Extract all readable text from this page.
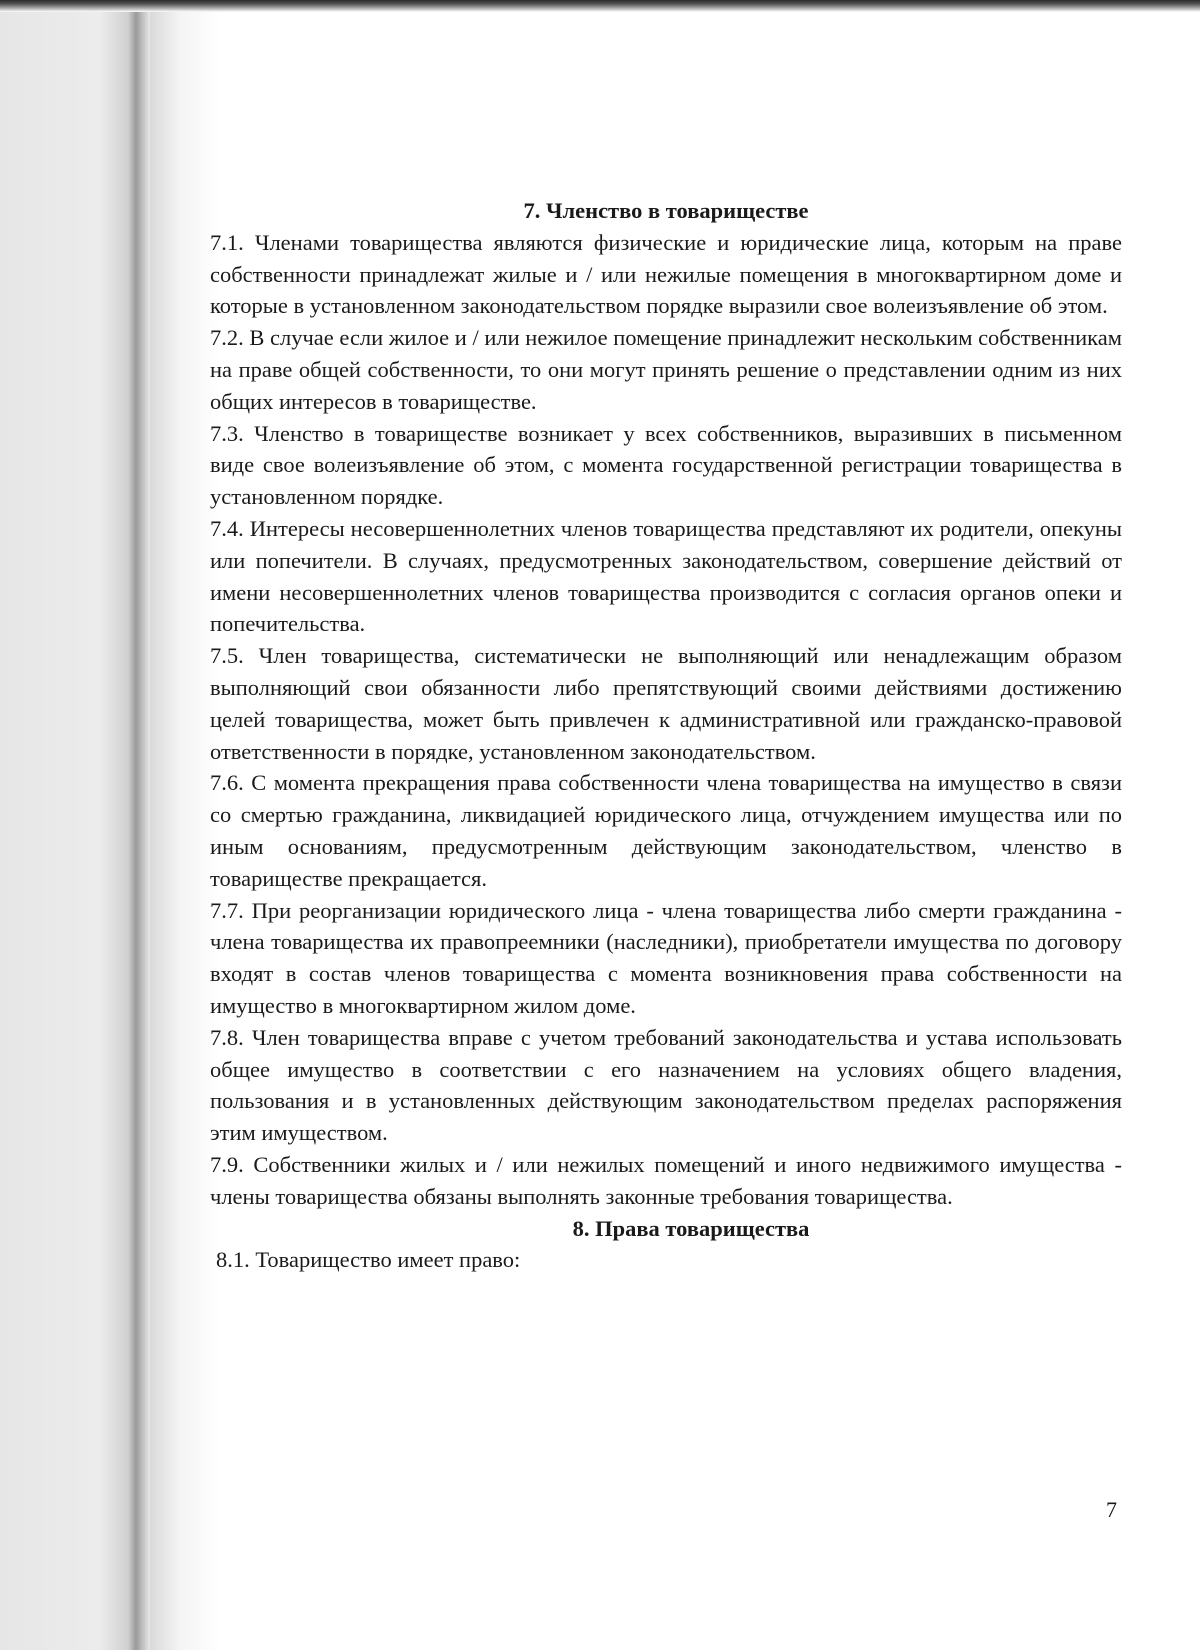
7. Членство в товариществе

7.1. Членами товарищества являются физические и юридические лица, которым на праве собственности принадлежат жилые и / или нежилые помещения в многоквартирном доме и которые в установленном законодательством порядке выразили свое волеизъявление об этом.

7.2. В случае если жилое и / или нежилое помещение принадлежит нескольким собственникам на праве общей собственности, то они могут принять решение о представлении одним из них общих интересов в товариществе.

7.3. Членство в товариществе возникает у всех собственников, выразивших в письменном виде свое волеизъявление об этом, с момента государственной регистрации товарищества в установленном порядке.

7.4. Интересы несовершеннолетних членов товарищества представляют их родители, опекуны или попечители. В случаях, предусмотренных законодательством, совершение действий от имени несовершеннолетних членов товарищества производится с согласия органов опеки и попечительства.

7.5. Член товарищества, систематически не выполняющий или ненадлежащим образом выполняющий свои обязанности либо препятствующий своими действиями достижению целей товарищества, может быть привлечен к административной или гражданско-правовой ответственности в порядке, установленном законодательством.

7.6. С момента прекращения права собственности члена товарищества на имущество в связи со смертью гражданина, ликвидацией юридического лица, отчуждением имущества или по иным основаниям, предусмотренным действующим законодательством, членство в товариществе прекращается.

7.7. При реорганизации юридического лица - члена товарищества либо смерти гражданина - члена товарищества их правопреемники (наследники), приобретатели имущества по договору входят в состав членов товарищества с момента возникновения права собственности на имущество в многоквартирном жилом доме.

7.8. Член товарищества вправе с учетом требований законодательства и устава использовать общее имущество в соответствии с его назначением на условиях общего владения, пользования и в установленных действующим законодательством пределах распоряжения этим имуществом.

7.9. Собственники жилых и / или нежилых помещений и иного недвижимого имущества - члены товарищества обязаны выполнять законные требования товарищества.

8. Права товарищества

8.1. Товарищество имеет право:

7
